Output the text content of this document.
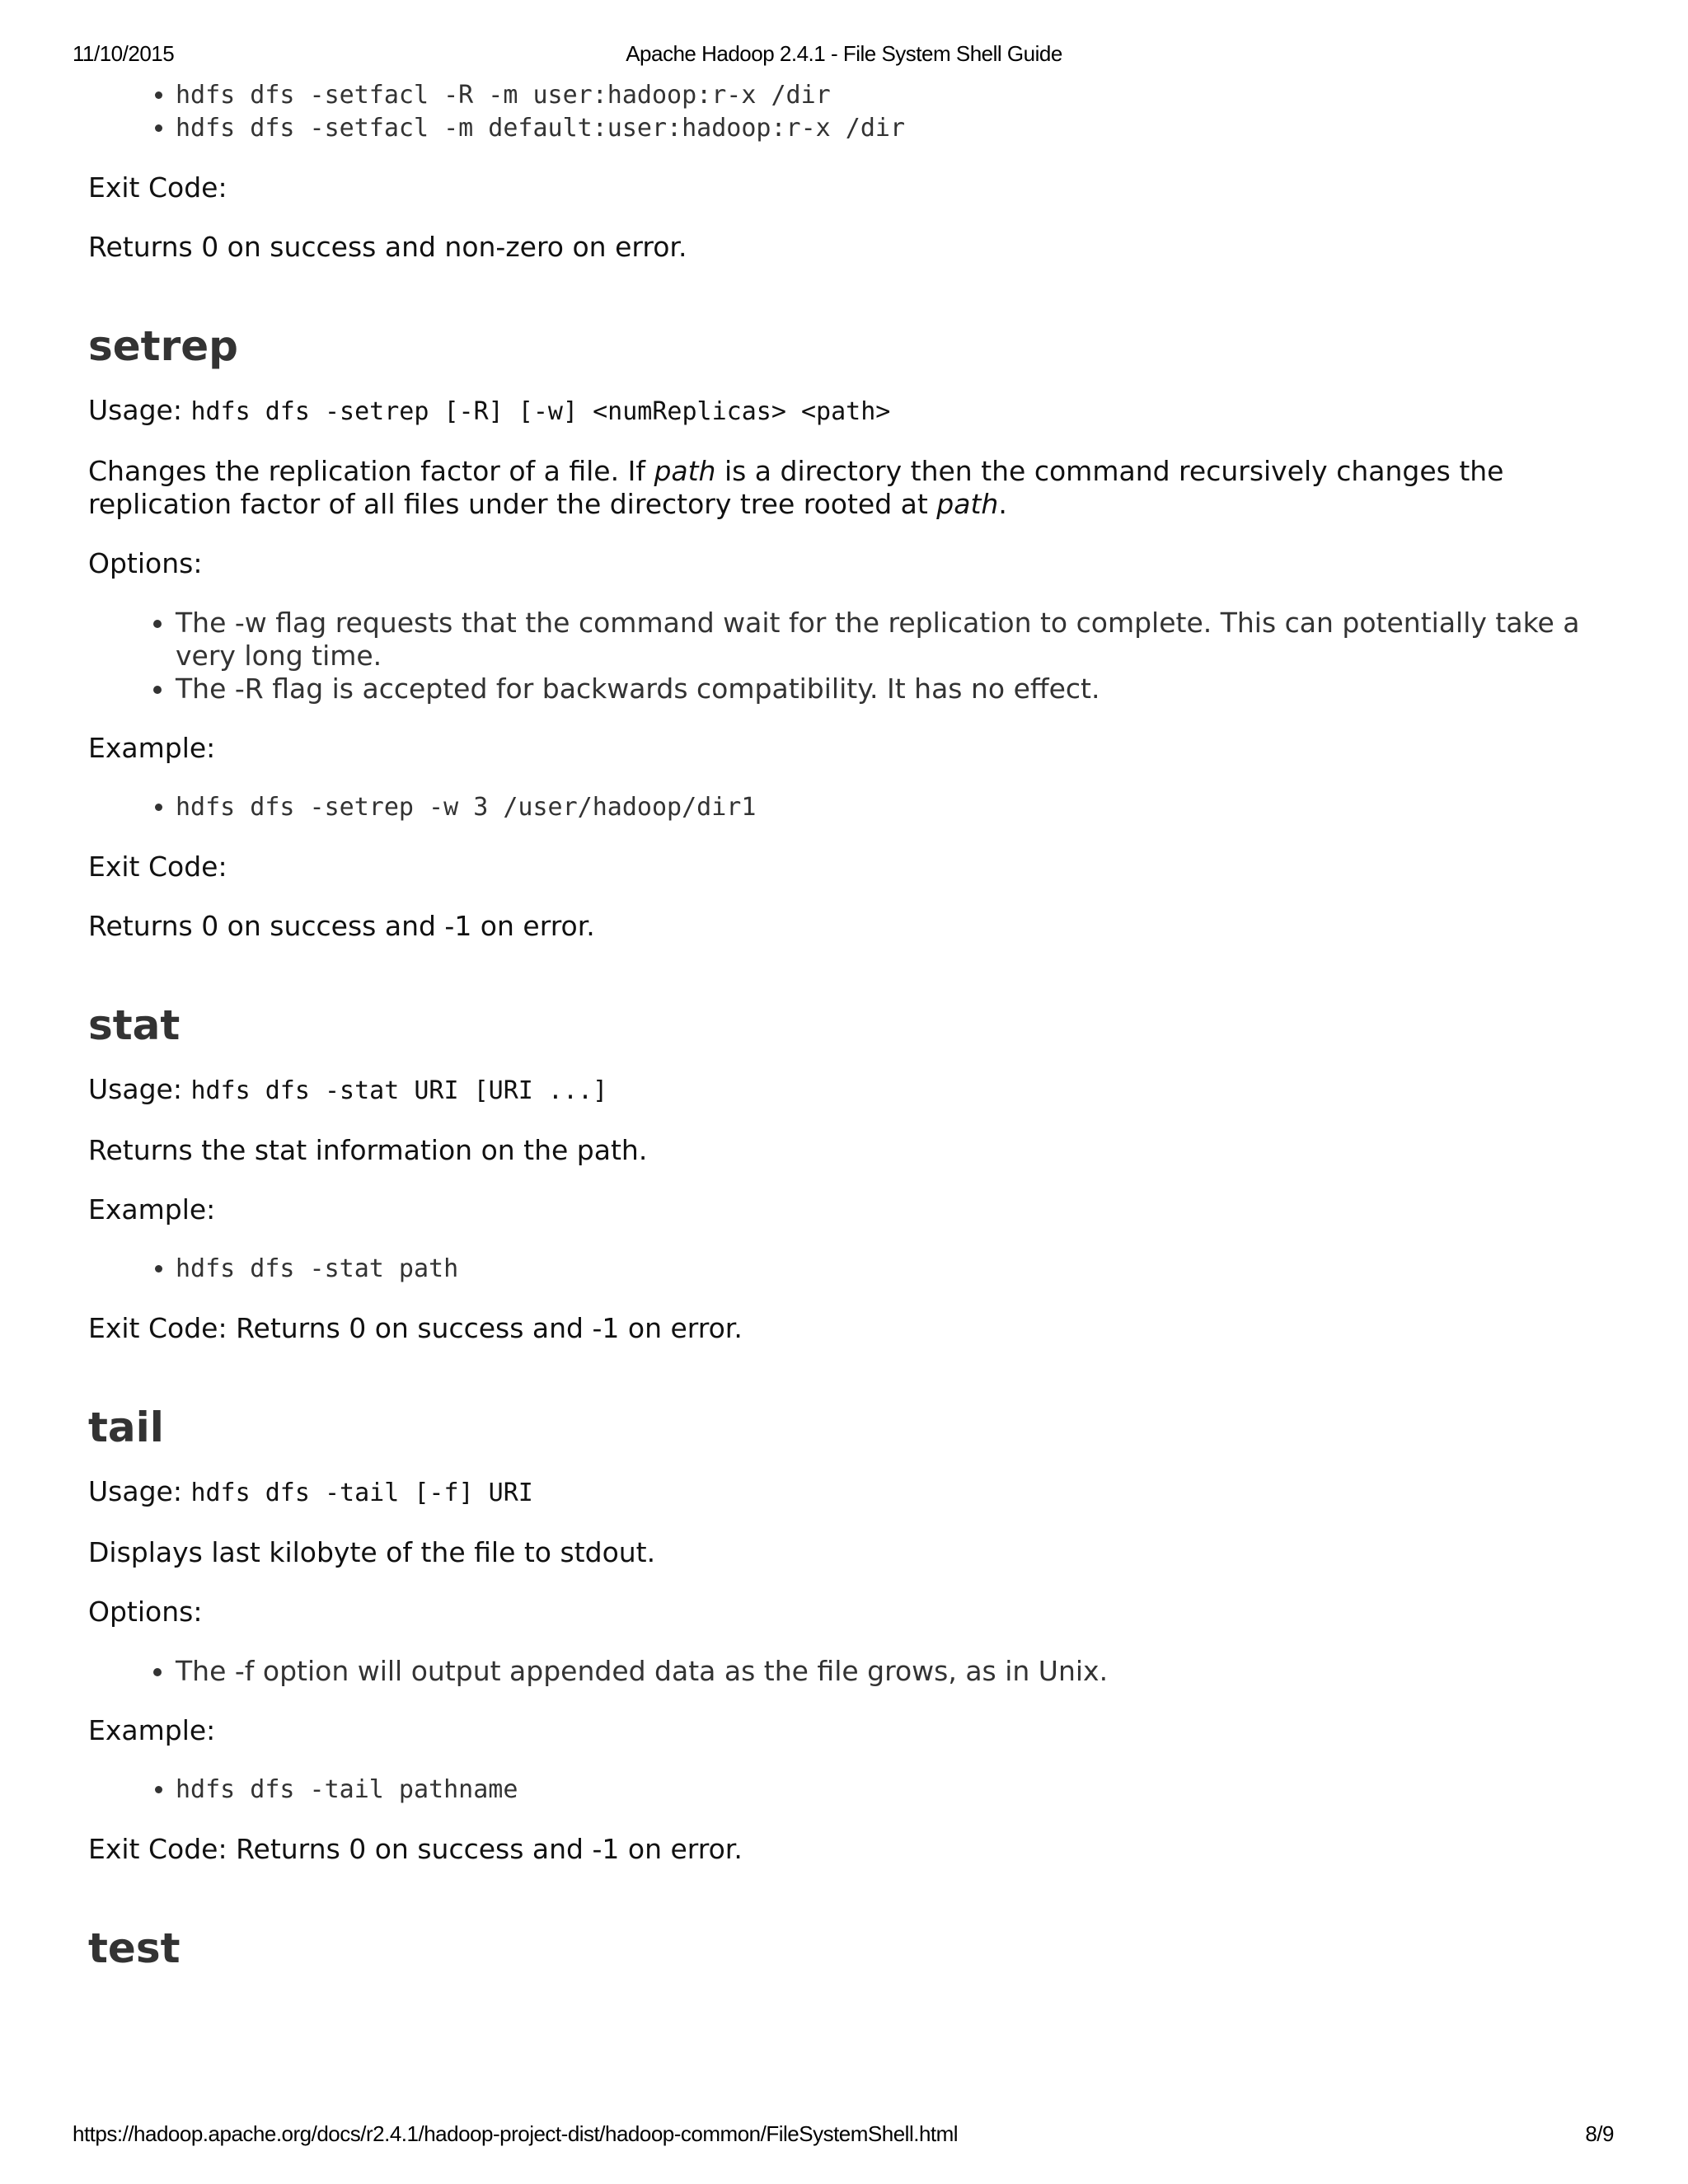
11/10/2015	Apache Hadoop 2.4.1 - File System Shell Guide
• hdfs dfs -setfacl -R -m user:hadoop:r-x /dir
• hdfs dfs -setfacl -m default:user:hadoop:r-x /dir

Exit Code:

Returns 0 on success and non-zero on error.

setrep

Usage: hdfs dfs -setrep [-R] [-w] <numReplicas> <path>

Changes the replication factor of a file. If path is a directory then the command recursively changes the replication factor of all files under the directory tree rooted at path.

Options:

• The -w flag requests that the command wait for the replication to complete. This can potentially take a very long time.
• The -R flag is accepted for backwards compatibility. It has no effect.

Example:

• hdfs dfs -setrep -w 3 /user/hadoop/dir1

Exit Code:

Returns 0 on success and -1 on error.

stat

Usage: hdfs dfs -stat URI [URI ...]

Returns the stat information on the path.

Example:

• hdfs dfs -stat path

Exit Code: Returns 0 on success and -1 on error.

tail

Usage: hdfs dfs -tail [-f] URI

Displays last kilobyte of the file to stdout.

Options:

• The -f option will output appended data as the file grows, as in Unix.

Example:

• hdfs dfs -tail pathname

Exit Code: Returns 0 on success and -1 on error.

test
https://hadoop.apache.org/docs/r2.4.1/hadoop-project-dist/hadoop-common/FileSystemShell.html	8/9
